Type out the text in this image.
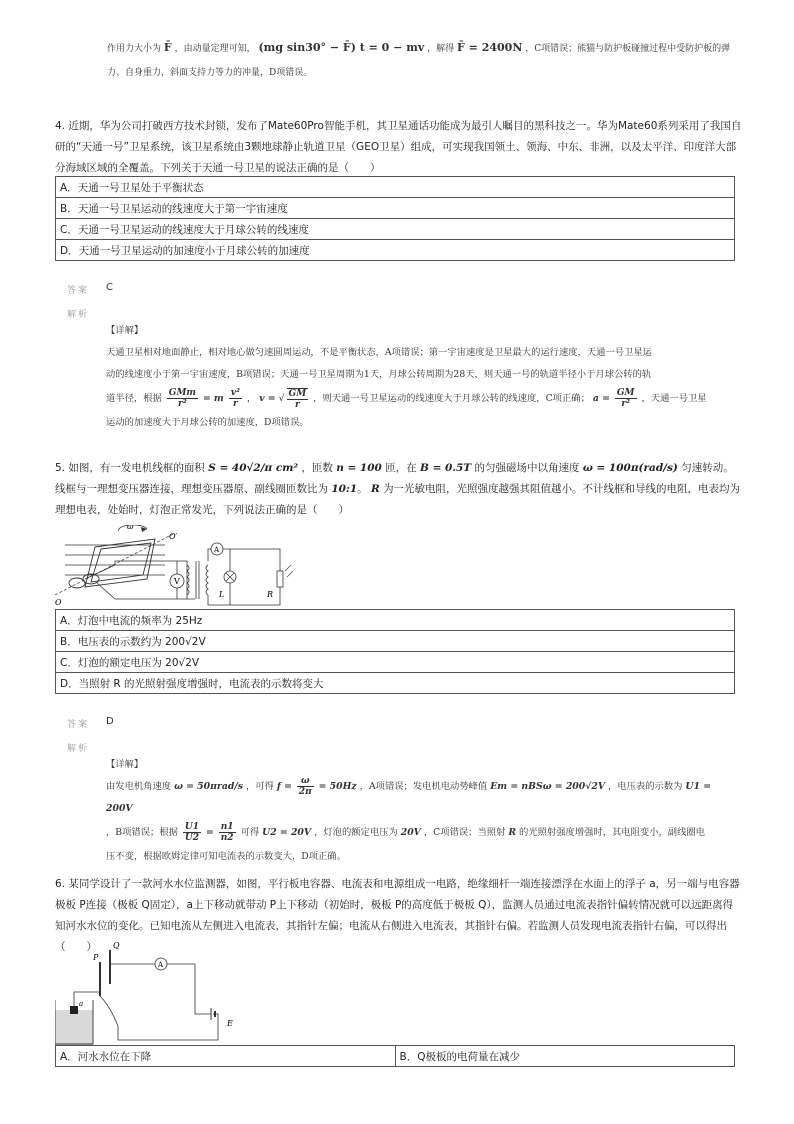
作用力大小为 F̄ ，由动量定理可知， (mg sin30° − F̄) t = 0 − mv ，解得 F̄ = 2400N ，C项错误；熊猫与防护板碰撞过程中受防护板的弹
力、自身重力，斜面支持力等力的冲量，D项错误。
4. 近期，华为公司打破西方技术封锁，发布了Mate60Pro智能手机，其卫星通话功能成为最引人瞩目的黑科技之一。华为Mate60系列采用了我国自研的“天通一号”卫星系统，该卫星系统由3颗地球静止轨道卫星（GEO卫星）组成，可实现我国领土、领海、中东、非洲，以及太平洋、印度洋大部分海域区域的全覆盖。下列关于天通一号卫星的说法正确的是（　　）
A．天通一号卫星处于平衡状态
B．天通一号卫星运动的线速度大于第一宇宙速度
C．天通一号卫星运动的线速度大于月球公转的线速度
D．天通一号卫星运动的加速度小于月球公转的加速度
答案 C
解析
【详解】
天通卫星相对地面静止，相对地心做匀速圆周运动，不是平衡状态，A项错误；第一宇宙速度是卫星最大的运行速度，天通一号卫星运
动的线速度小于第一宇宙速度，B项错误；天通一号卫星周期为1天，月球公转周期为28天，则天通一号的轨道半径小于月球公转的轨
道半径，根据 $\frac{\text{GMm}}{\text{r²}} = m \frac{\text{v²}}{r}$ ， v = √ $\frac{GM}{r}$ ，则天通一号卫星运动的线速度大于月球公转的线速度，C项正确； $a = \frac{GM}{\text{r²}}$ ，天通一号卫星
运动的加速度大于月球公转的加速度，D项错误。
5. 如图，有一发电机线框的面积 S = 40√2/π cm² ，匝数 n = 100 匝，在 B = 0.5T 的匀强磁场中以角速度 ω = 100π(rad/s) 匀速转动。线框与一理想变压器连接，理想变压器原、副线圈匝数比为 10:1。 R 为一光敏电阻，光照强度越强其阻值越小。不计线框和导线的电阻，电表均为理想电表，处始时，灯泡正常发光，下列说法正确的是（　　）
ω
O′
O
V
A
L	R
A．灯泡中电流的频率为 25Hz
B．电压表的示数约为 200√2V
C．灯泡的额定电压为 20√2V
D．当照射 R 的光照射强度增强时，电流表的示数将变大
答案 D
解析
【详解】
由发电机角速度 ω = 50πrad/s ，可得 $f = \frac{\omega}{2\pi} = 50Hz$ ，A项错误；发电机电动势峰值 Em = nBSω = 200√2V ，电压表的示数为 U1 = 200V
，B项错误；根据 $\frac{U1}{U2} = \frac{n1}{n2}$ 可得 U2 = 20V ，灯泡的额定电压为 20V ，C项错误；当照射 R 的光照射强度增强时，其电阻变小，副线圈电
压不变，根据欧姆定律可知电流表的示数变大，D项正确。
6. 某同学设计了一款河水水位监测器，如图，平行板电容器、电流表和电源组成一电路，绝缘细杆一端连接漂浮在水面上的浮子 a，另一端与电容器极板 P连接（极板 Q固定），a上下移动就带动 P上下移动（初始时，极板 P的高度低于极板 Q），监测人员通过电流表指针偏转情况就可以远距离得知河水水位的变化。已知电流从左侧进入电流表，其指针左偏；电流从右侧进入电流表，其指针右偏。若监测人员发现电流表指针右偏，可以得出（　　）
a
P
Q
A
E
A．河水水位在下降	B．Q极板的电荷量在减少
